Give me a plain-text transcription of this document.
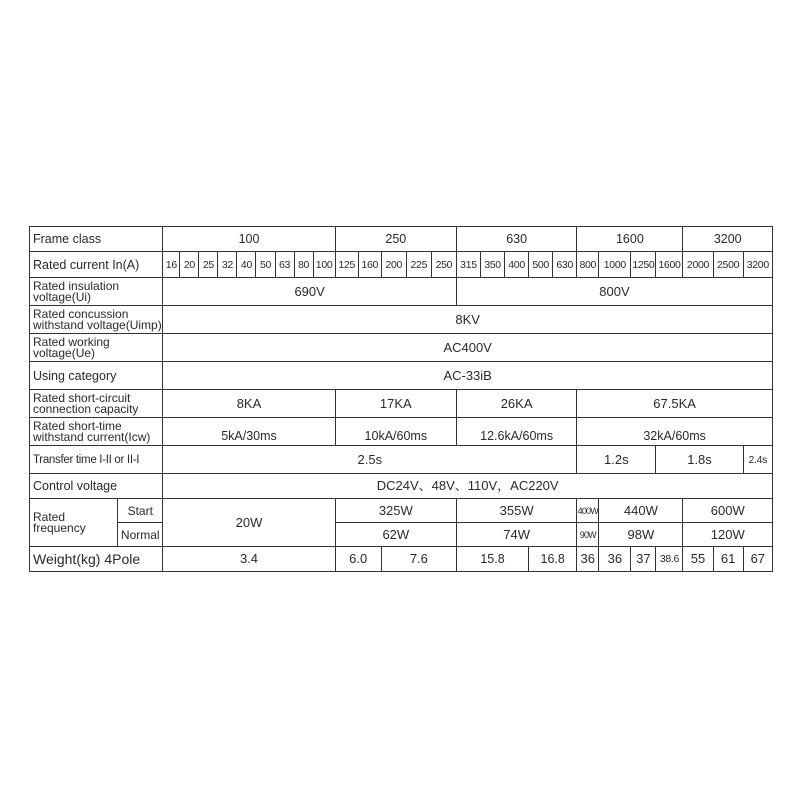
Frame class		100									250					630					1600				3200		
Rated current In(A)		16	20	25	32	40	50	63	80	100	125	160	200	225	250	315	350	400	500	630	800	1000	1250	1600	2000	2500	3200
Rated insulation
voltage(Ui)		690V														800V											
Rated concussion
withstand voltage(Uimp)		8KV																									
Rated working
voltage(Ue)		AC400V																									
Using category		AC-33iB																									
Rated short-circuit
connection capacity		8KA									17KA					26KA					67.5KA						
Rated short-time
withstand current(Icw)		5kA/30ms									10kA/60ms					12.6kA/60ms					32kA/60ms						
Transfer time I-II or II-I		2.5s																			1.2s			1.8s			2.4s
Control voltage		DC24V、48V、110V，AC220V																									
Rated
frequency	Start	20W									325W					355W					400W	440W			600W		
	Normal										62W					74W					90W	98W			120W		
Weight(kg) 4Pole		3.4									6.0		7.6			15.8			16.8		36	36	37	38.6	55	61	67
